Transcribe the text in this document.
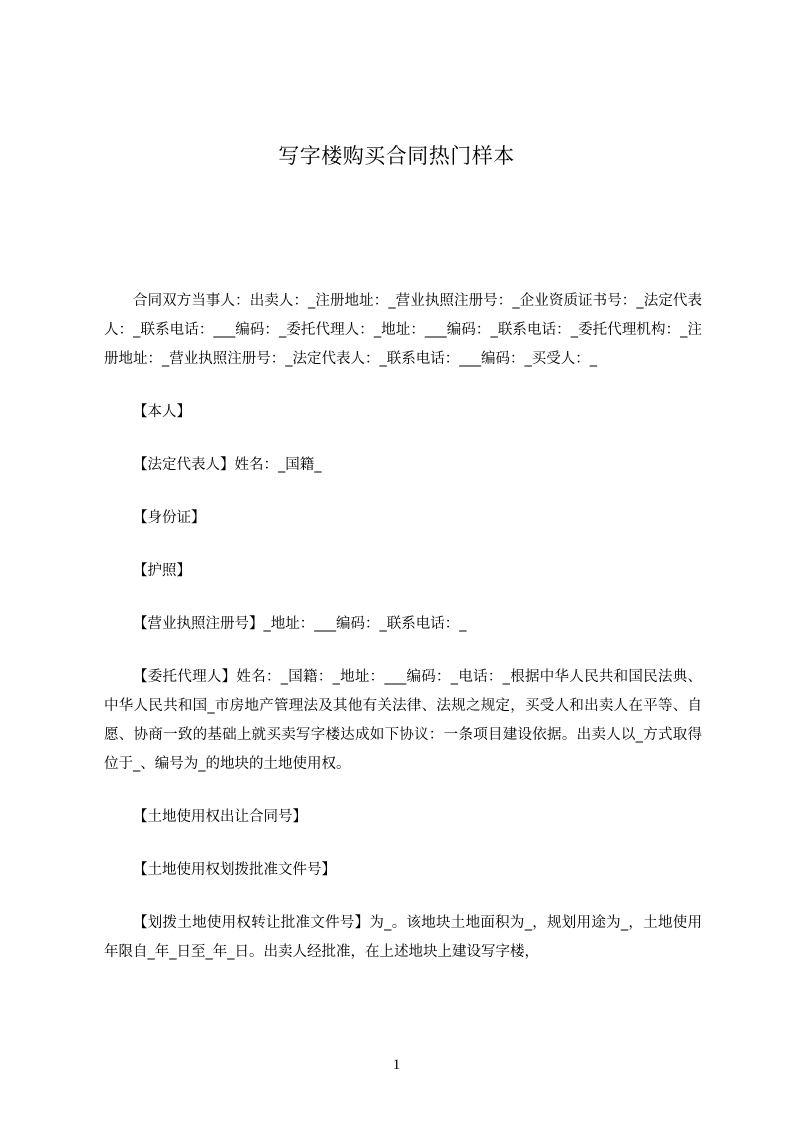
写字楼购买合同热门样本

合同双方当事人：出卖人：_注册地址：_营业执照注册号：_企业资质证书号：_法定代表人：_联系电话：___编码：_委托代理人：_地址：___编码：_联系电话：_委托代理机构：_注册地址：_营业执照注册号：_法定代表人：_联系电话：___编码：_买受人：_

【本人】

【法定代表人】姓名：_国籍_

【身份证】

【护照】

【营业执照注册号】_地址：___编码：_联系电话：_

【委托代理人】姓名：_国籍：_地址：___编码：_电话：_根据中华人民共和国民法典、中华人民共和国_市房地产管理法及其他有关法律、法规之规定，买受人和出卖人在平等、自愿、协商一致的基础上就买卖写字楼达成如下协议：一条项目建设依据。出卖人以_方式取得位于_、编号为_的地块的土地使用权。

【土地使用权出让合同号】

【土地使用权划拨批准文件号】

【划拨土地使用权转让批准文件号】为_。该地块土地面积为_，规划用途为_，土地使用年限自_年_日至_年_日。出卖人经批准，在上述地块上建设写字楼，

1
